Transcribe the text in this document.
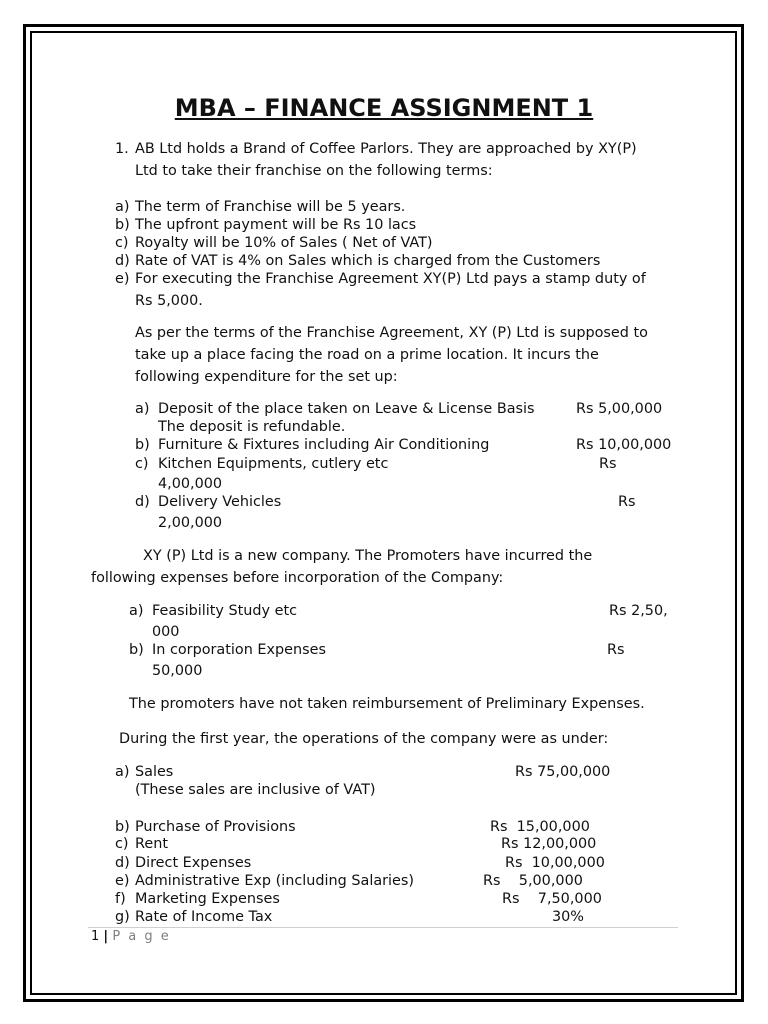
MBA – FINANCE ASSIGNMENT 1
1. AB Ltd holds a Brand of Coffee Parlors. They are approached by XY(P)
Ltd to take their franchise on the following terms:
a) The term of Franchise will be 5 years.
b) The upfront payment will be Rs 10 lacs
c) Royalty will be 10% of Sales ( Net of VAT)
d) Rate of VAT is 4% on Sales which is charged from the Customers
e) For executing the Franchise Agreement XY(P) Ltd pays a stamp duty of
Rs 5,000.
As per the terms of the Franchise Agreement, XY (P) Ltd is supposed to
take up a place facing the road on a prime location. It incurs the
following expenditure for the set up:
a) Deposit of the place taken on Leave & License Basis	Rs 5,00,000
The deposit is refundable.
b) Furniture & Fixtures including Air Conditioning	Rs 10,00,000
c) Kitchen Equipments, cutlery etc	Rs
4,00,000
d) Delivery Vehicles	Rs
2,00,000
XY (P) Ltd is a new company. The Promoters have incurred the
following expenses before incorporation of the Company:
a) Feasibility Study etc	Rs 2,50,
000
b) In corporation Expenses	Rs
50,000
The promoters have not taken reimbursement of Preliminary Expenses.
During the first year, the operations of the company were as under:
a) Sales	Rs 75,00,000
(These sales are inclusive of VAT)
b) Purchase of Provisions	Rs  15,00,000
c) Rent	Rs 12,00,000
d) Direct Expenses	Rs  10,00,000
e) Administrative Exp (including Salaries)	Rs    5,00,000
f) Marketing Expenses	Rs    7,50,000
g) Rate of Income Tax	30%
1 | P a g e
